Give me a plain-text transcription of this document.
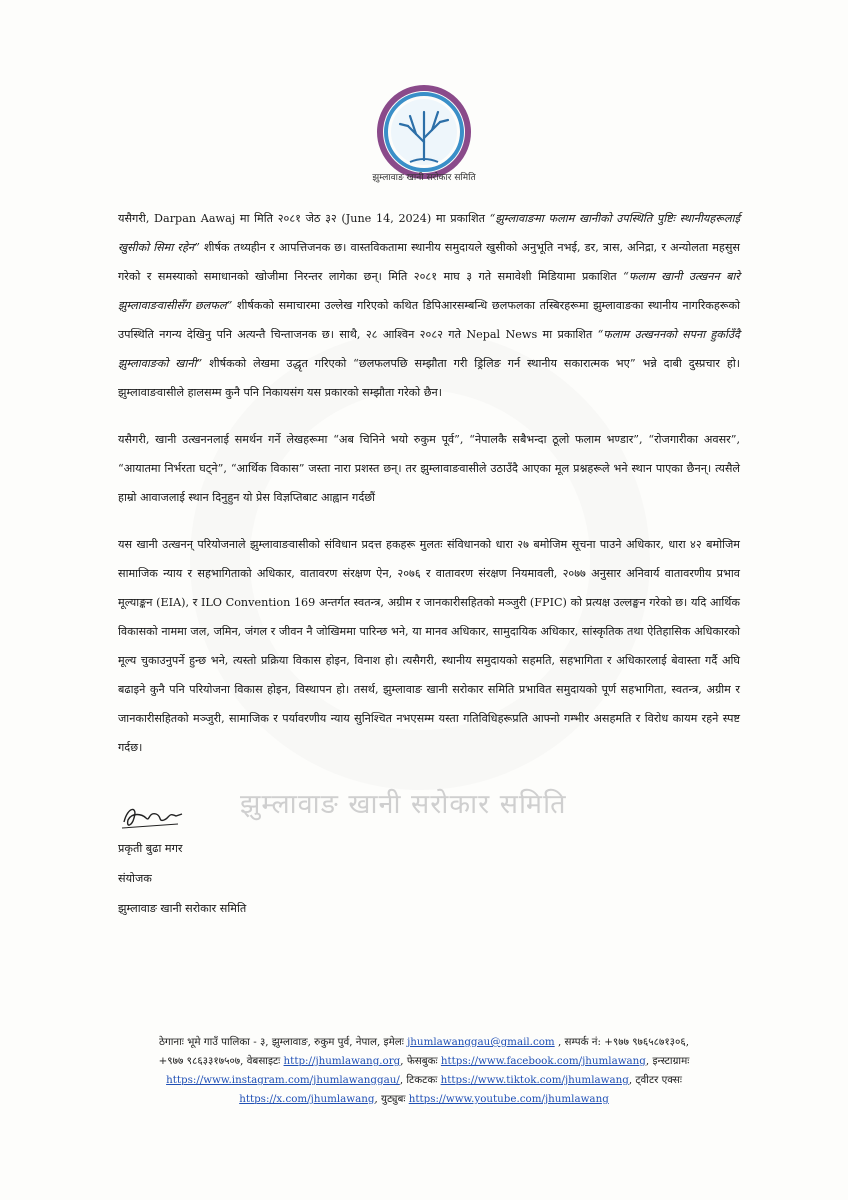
झुम्लावाङ खानी सरोकार समिति

यसैगरी, Darpan Aawaj मा मिति २०८१ जेठ ३२ (June 14, 2024) मा प्रकाशित “झुम्लावाङमा फलाम खानीको उपस्थिति पुष्टिः स्थानीयहरूलाई खुसीको सिमा रहेन” शीर्षक तथ्यहीन र आपत्तिजनक छ। वास्तविकतामा स्थानीय समुदायले खुसीको अनुभूति नभई, डर, त्रास, अनिद्रा, र अन्योलता महसुस गरेको र समस्याको समाधानको खोजीमा निरन्तर लागेका छन्। मिति २०८१ माघ ३ गते समावेशी मिडियामा प्रकाशित “फलाम खानी उत्खनन बारे झुम्लावाङवासीसँग छलफल” शीर्षकको समाचारमा उल्लेख गरिएको कथित डिपिआरसम्बन्धि छलफलका तस्बिरहरूमा झुम्लावाङका स्थानीय नागरिकहरूको उपस्थिति नगन्य देखिनु पनि अत्यन्तै चिन्ताजनक छ। साथै, २८ आश्विन २०८२ गते Nepal News मा प्रकाशित “फलाम उत्खननको सपना हुर्काउँदै झुम्लावाङको खानी” शीर्षकको लेखमा उद्धृत गरिएको “छलफलपछि सम्झौता गरी ड्रिलिङ गर्न स्थानीय सकारात्मक भए” भन्ने दाबी दुस्प्रचार हो। झुम्लावाङवासीले हालसम्म कुनै पनि निकायसंग यस प्रकारको सम्झौता गरेको छैन।

यसैगरी, खानी उत्खननलाई समर्थन गर्ने लेखहरूमा “अब चिनिने भयो रुकुम पूर्व”, “नेपालकै सबैभन्दा ठूलो फलाम भण्डार”, “रोजगारीका अवसर”, “आयातमा निर्भरता घट्ने”, “आर्थिक विकास” जस्ता नारा प्रशस्त छन्। तर झुम्लावाङवासीले उठाउँदै आएका मूल प्रश्नहरूले भने स्थान पाएका छैनन्। त्यसैले हाम्रो आवाजलाई स्थान दिनुहुन यो प्रेस विज्ञप्तिबाट आह्वान गर्दछौं

यस खानी उत्खनन् परियोजनाले झुम्लावाङवासीको संविधान प्रदत्त हकहरू मुलतः संविधानको धारा २७ बमोजिम सूचना पाउने अधिकार, धारा ४२ बमोजिम सामाजिक न्याय र सहभागिताको अधिकार, वातावरण संरक्षण ऐन, २०७६ र वातावरण संरक्षण नियमावली, २०७७ अनुसार अनिवार्य वातावरणीय प्रभाव मूल्याङ्कन (EIA), र ILO Convention 169 अन्तर्गत स्वतन्त्र, अग्रीम र जानकारीसहितको मञ्जुरी (FPIC) को प्रत्यक्ष उल्लङ्घन गरेको छ। यदि आर्थिक विकासको नाममा जल, जमिन, जंगल र जीवन नै जोखिममा पारिन्छ भने, या मानव अधिकार, सामुदायिक अधिकार, सांस्कृतिक तथा ऐतिहासिक अधिकारको मूल्य चुकाउनुपर्ने हुन्छ भने, त्यस्तो प्रक्रिया विकास होइन, विनाश हो। त्यसैगरी, स्थानीय समुदायको सहमति, सहभागिता र अधिकारलाई बेवास्ता गर्दै अघि बढाइने कुनै पनि परियोजना विकास होइन, विस्थापन हो। तसर्थ, झुम्लावाङ खानी सरोकार समिति प्रभावित समुदायको पूर्ण सहभागिता, स्वतन्त्र, अग्रीम र जानकारीसहितको मञ्जुरी, सामाजिक र पर्यावरणीय न्याय सुनिश्चित नभएसम्म यस्ता गतिविधिहरूप्रति आफ्नो गम्भीर असहमति र विरोध कायम रहने स्पष्ट गर्दछ।

झुम्लावाङ खानी सरोकार समिति
प्रकृती बुढा मगर
संयोजक
झुम्लावाङ खानी सरोकार समिति
ठेगानाः भूमे गाउँ पालिका - ३, झुम्लावाङ, रुकुम पुर्व, नेपाल, इमेलः jhumlawanggau@gmail.com , सम्पर्क नं: +९७७ ९७६५८७१३०६,
+९७७ ९८६३३१७५०७, वेबसाइटः http://jhumlawang.org, फेसबुकः https://www.facebook.com/jhumlawang, इन्स्टाग्रामः
https://www.instagram.com/jhumlawanggau/, टिकटकः https://www.tiktok.com/jhumlawang, ट्वीटर एक्सः
https://x.com/jhumlawang, युट्युबः https://www.youtube.com/jhumlawang
